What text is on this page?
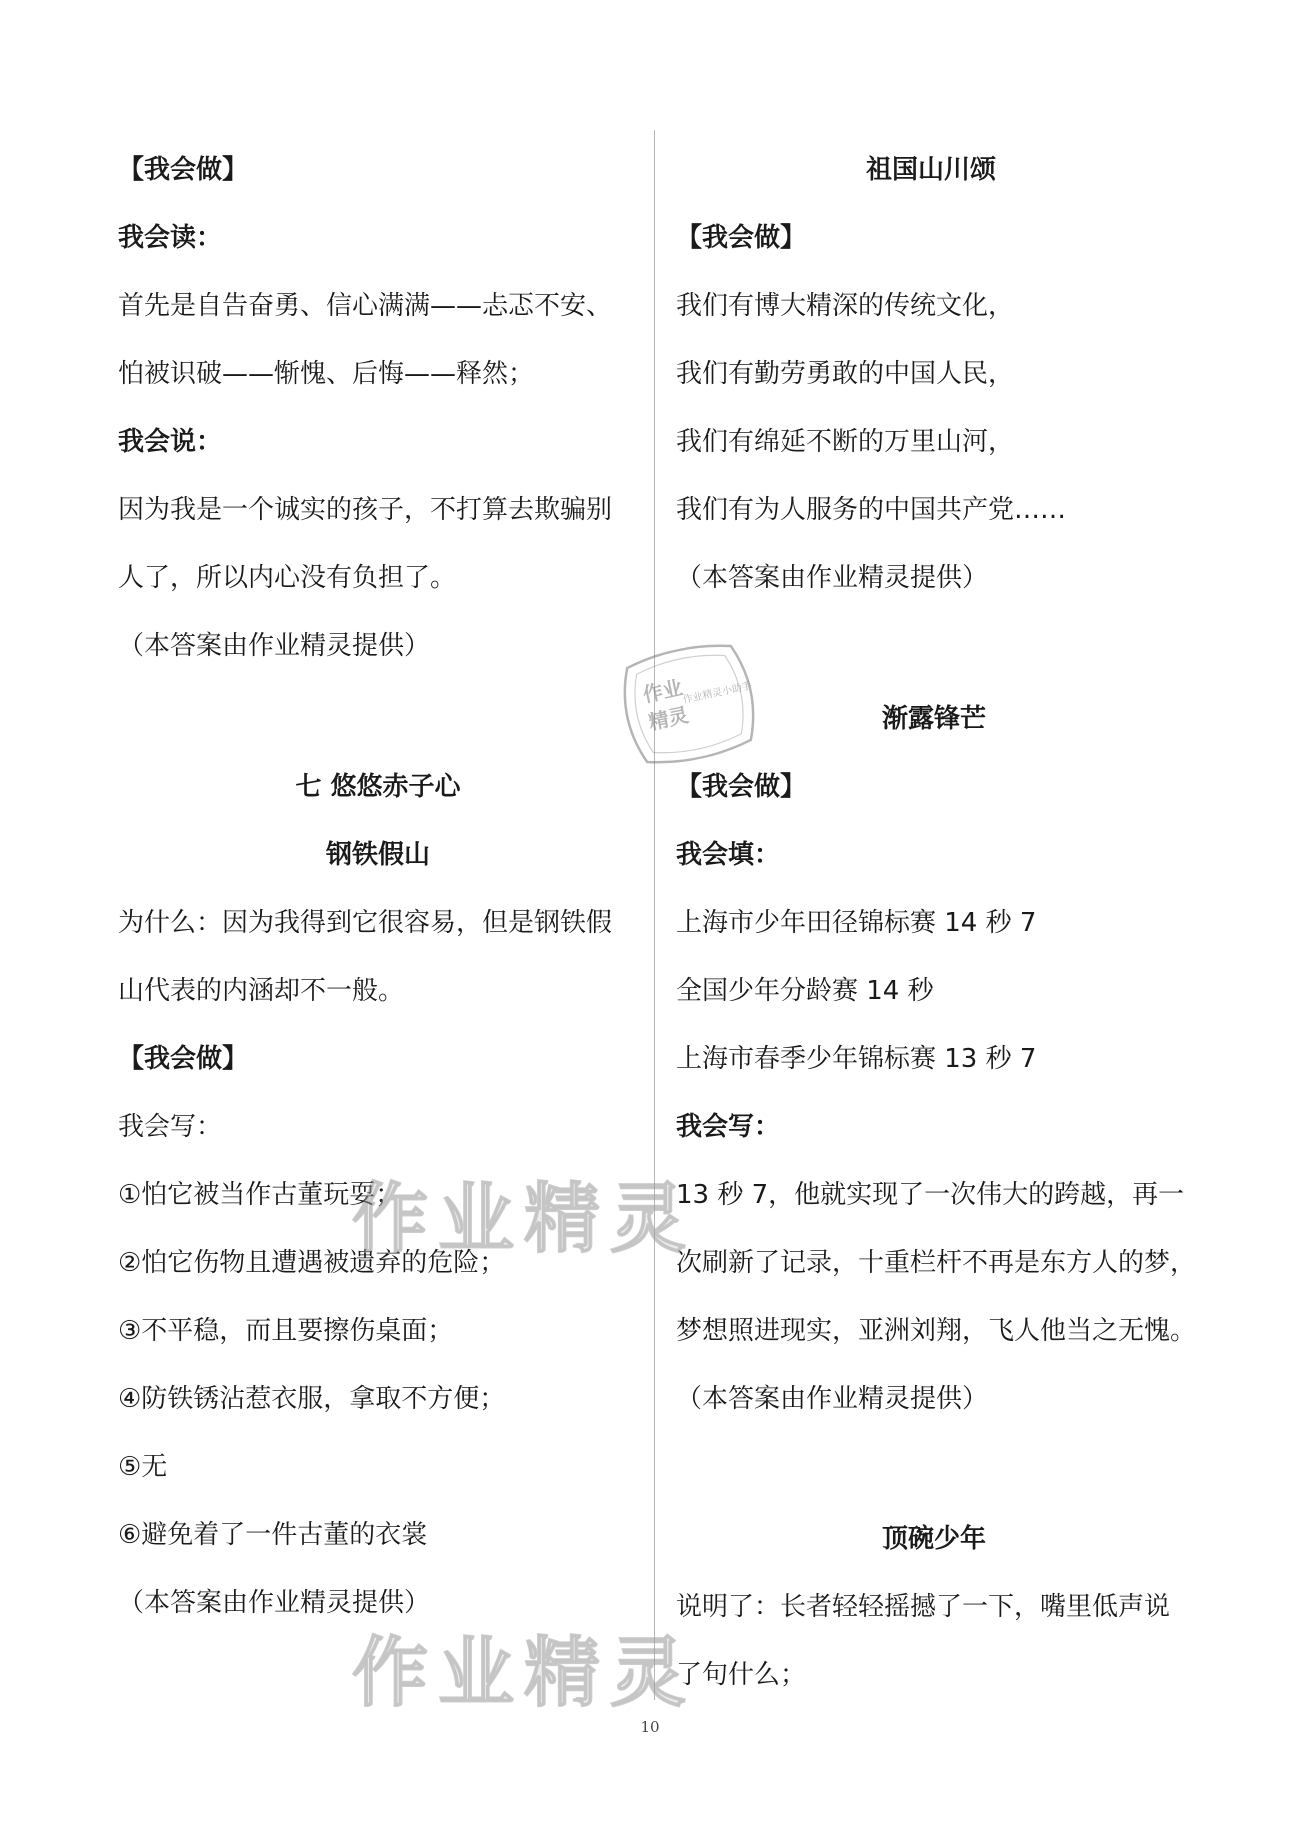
【我会做】
我会读：
首先是自告奋勇、信心满满——忐忑不安、
怕被识破——惭愧、后悔——释然；
我会说：
因为我是一个诚实的孩子，不打算去欺骗别
人了，所以内心没有负担了。
（本答案由作业精灵提供）
七 悠悠赤子心
钢铁假山
为什么：因为我得到它很容易，但是钢铁假
山代表的内涵却不一般。
【我会做】
我会写：
①怕它被当作古董玩耍；
②怕它伤物且遭遇被遗弃的危险；
③不平稳，而且要擦伤桌面；
④防铁锈沾惹衣服，拿取不方便；
⑤无
⑥避免着了一件古董的衣裳
（本答案由作业精灵提供）
祖国山川颂
【我会做】
我们有博大精深的传统文化，
我们有勤劳勇敢的中国人民，
我们有绵延不断的万里山河，
我们有为人服务的中国共产党……
（本答案由作业精灵提供）
渐露锋芒
【我会做】
我会填：
上海市少年田径锦标赛 14 秒 7
全国少年分龄赛 14 秒
上海市春季少年锦标赛 13 秒 7
我会写：
13 秒 7，他就实现了一次伟大的跨越，再一
次刷新了记录，十重栏杆不再是东方人的梦，
梦想照进现实，亚洲刘翔，飞人他当之无愧。
（本答案由作业精灵提供）
顶碗少年
说明了：长者轻轻摇撼了一下，嘴里低声说
了句什么；
作业
精灵
作业精灵小助手
作业精灵
作业精灵
10
